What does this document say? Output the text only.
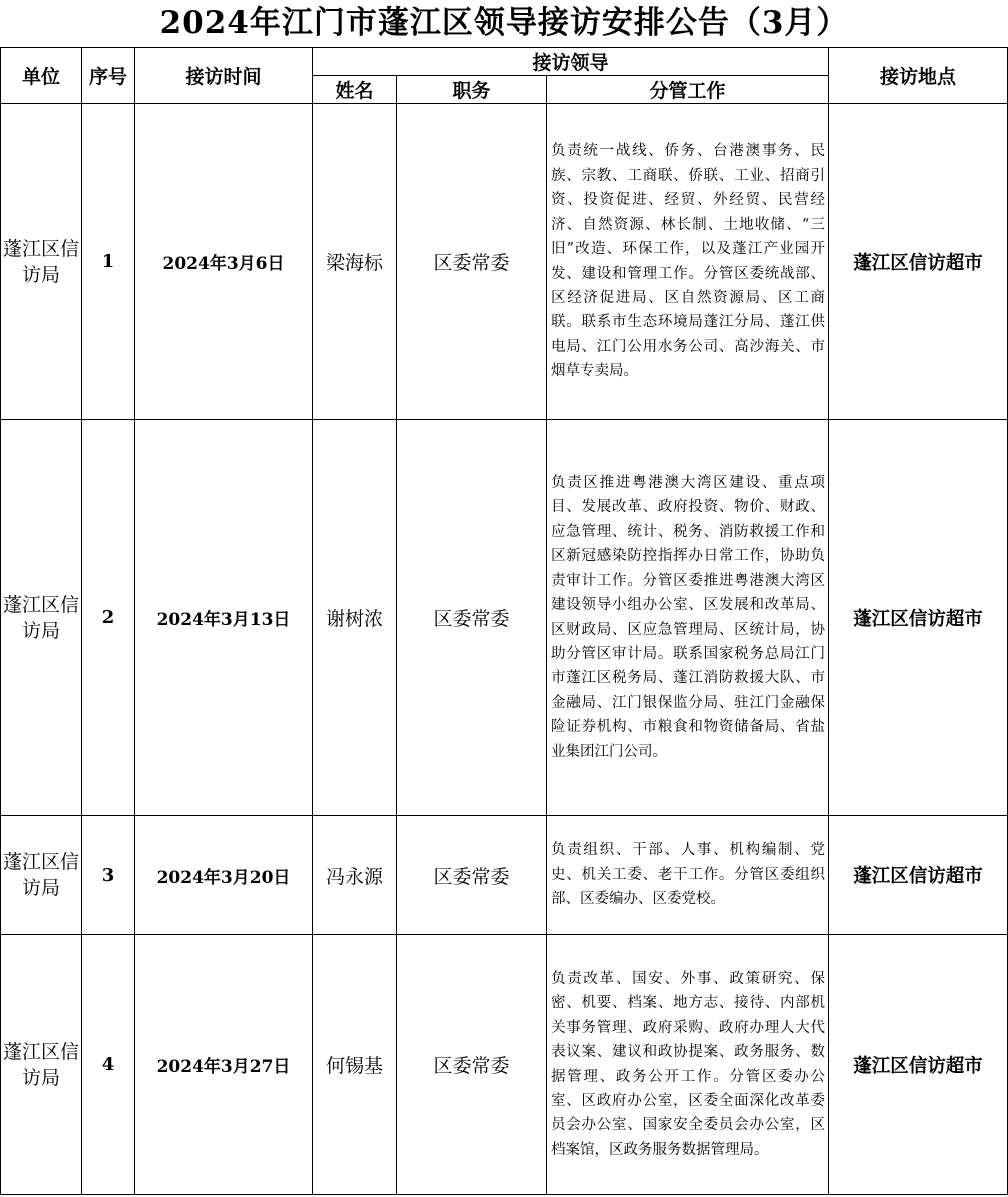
2024年江门市蓬江区领导接访安排公告（3月）
单位	序号	接访时间	接访领导			接访地点
			姓名	职务	分管工作	
蓬江区信访局	1	2024年3月6日	梁海标	区委常委	负责统一战线、侨务、台港澳事务、民族、宗教、工商联、侨联、工业、招商引资、投资促进、经贸、外经贸、民营经济、自然资源、林长制、土地收储、“三旧”改造、环保工作，以及蓬江产业园开发、建设和管理工作。分管区委统战部、区经济促进局、区自然资源局、区工商联。联系市生态环境局蓬江分局、蓬江供电局、江门公用水务公司、高沙海关、市烟草专卖局。	蓬江区信访超市
蓬江区信访局	2	2024年3月13日	谢树浓	区委常委	负责区推进粤港澳大湾区建设、重点项目、发展改革、政府投资、物价、财政、应急管理、统计、税务、消防救援工作和区新冠感染防控指挥办日常工作，协助负责审计工作。分管区委推进粤港澳大湾区建设领导小组办公室、区发展和改革局、区财政局、区应急管理局、区统计局，协助分管区审计局。联系国家税务总局江门市蓬江区税务局、蓬江消防救援大队、市金融局、江门银保监分局、驻江门金融保险证券机构、市粮食和物资储备局、省盐业集团江门公司。	蓬江区信访超市
蓬江区信访局	3	2024年3月20日	冯永源	区委常委	负责组织、干部、人事、机构编制、党史、机关工委、老干工作。分管区委组织部、区委编办、区委党校。	蓬江区信访超市
蓬江区信访局	4	2024年3月27日	何锡基	区委常委	负责改革、国安、外事、政策研究、保密、机要、档案、地方志、接待、内部机关事务管理、政府采购、政府办理人大代表议案、建议和政协提案、政务服务、数据管理、政务公开工作。分管区委办公室、区政府办公室，区委全面深化改革委员会办公室、国家安全委员会办公室，区档案馆，区政务服务数据管理局。	蓬江区信访超市
